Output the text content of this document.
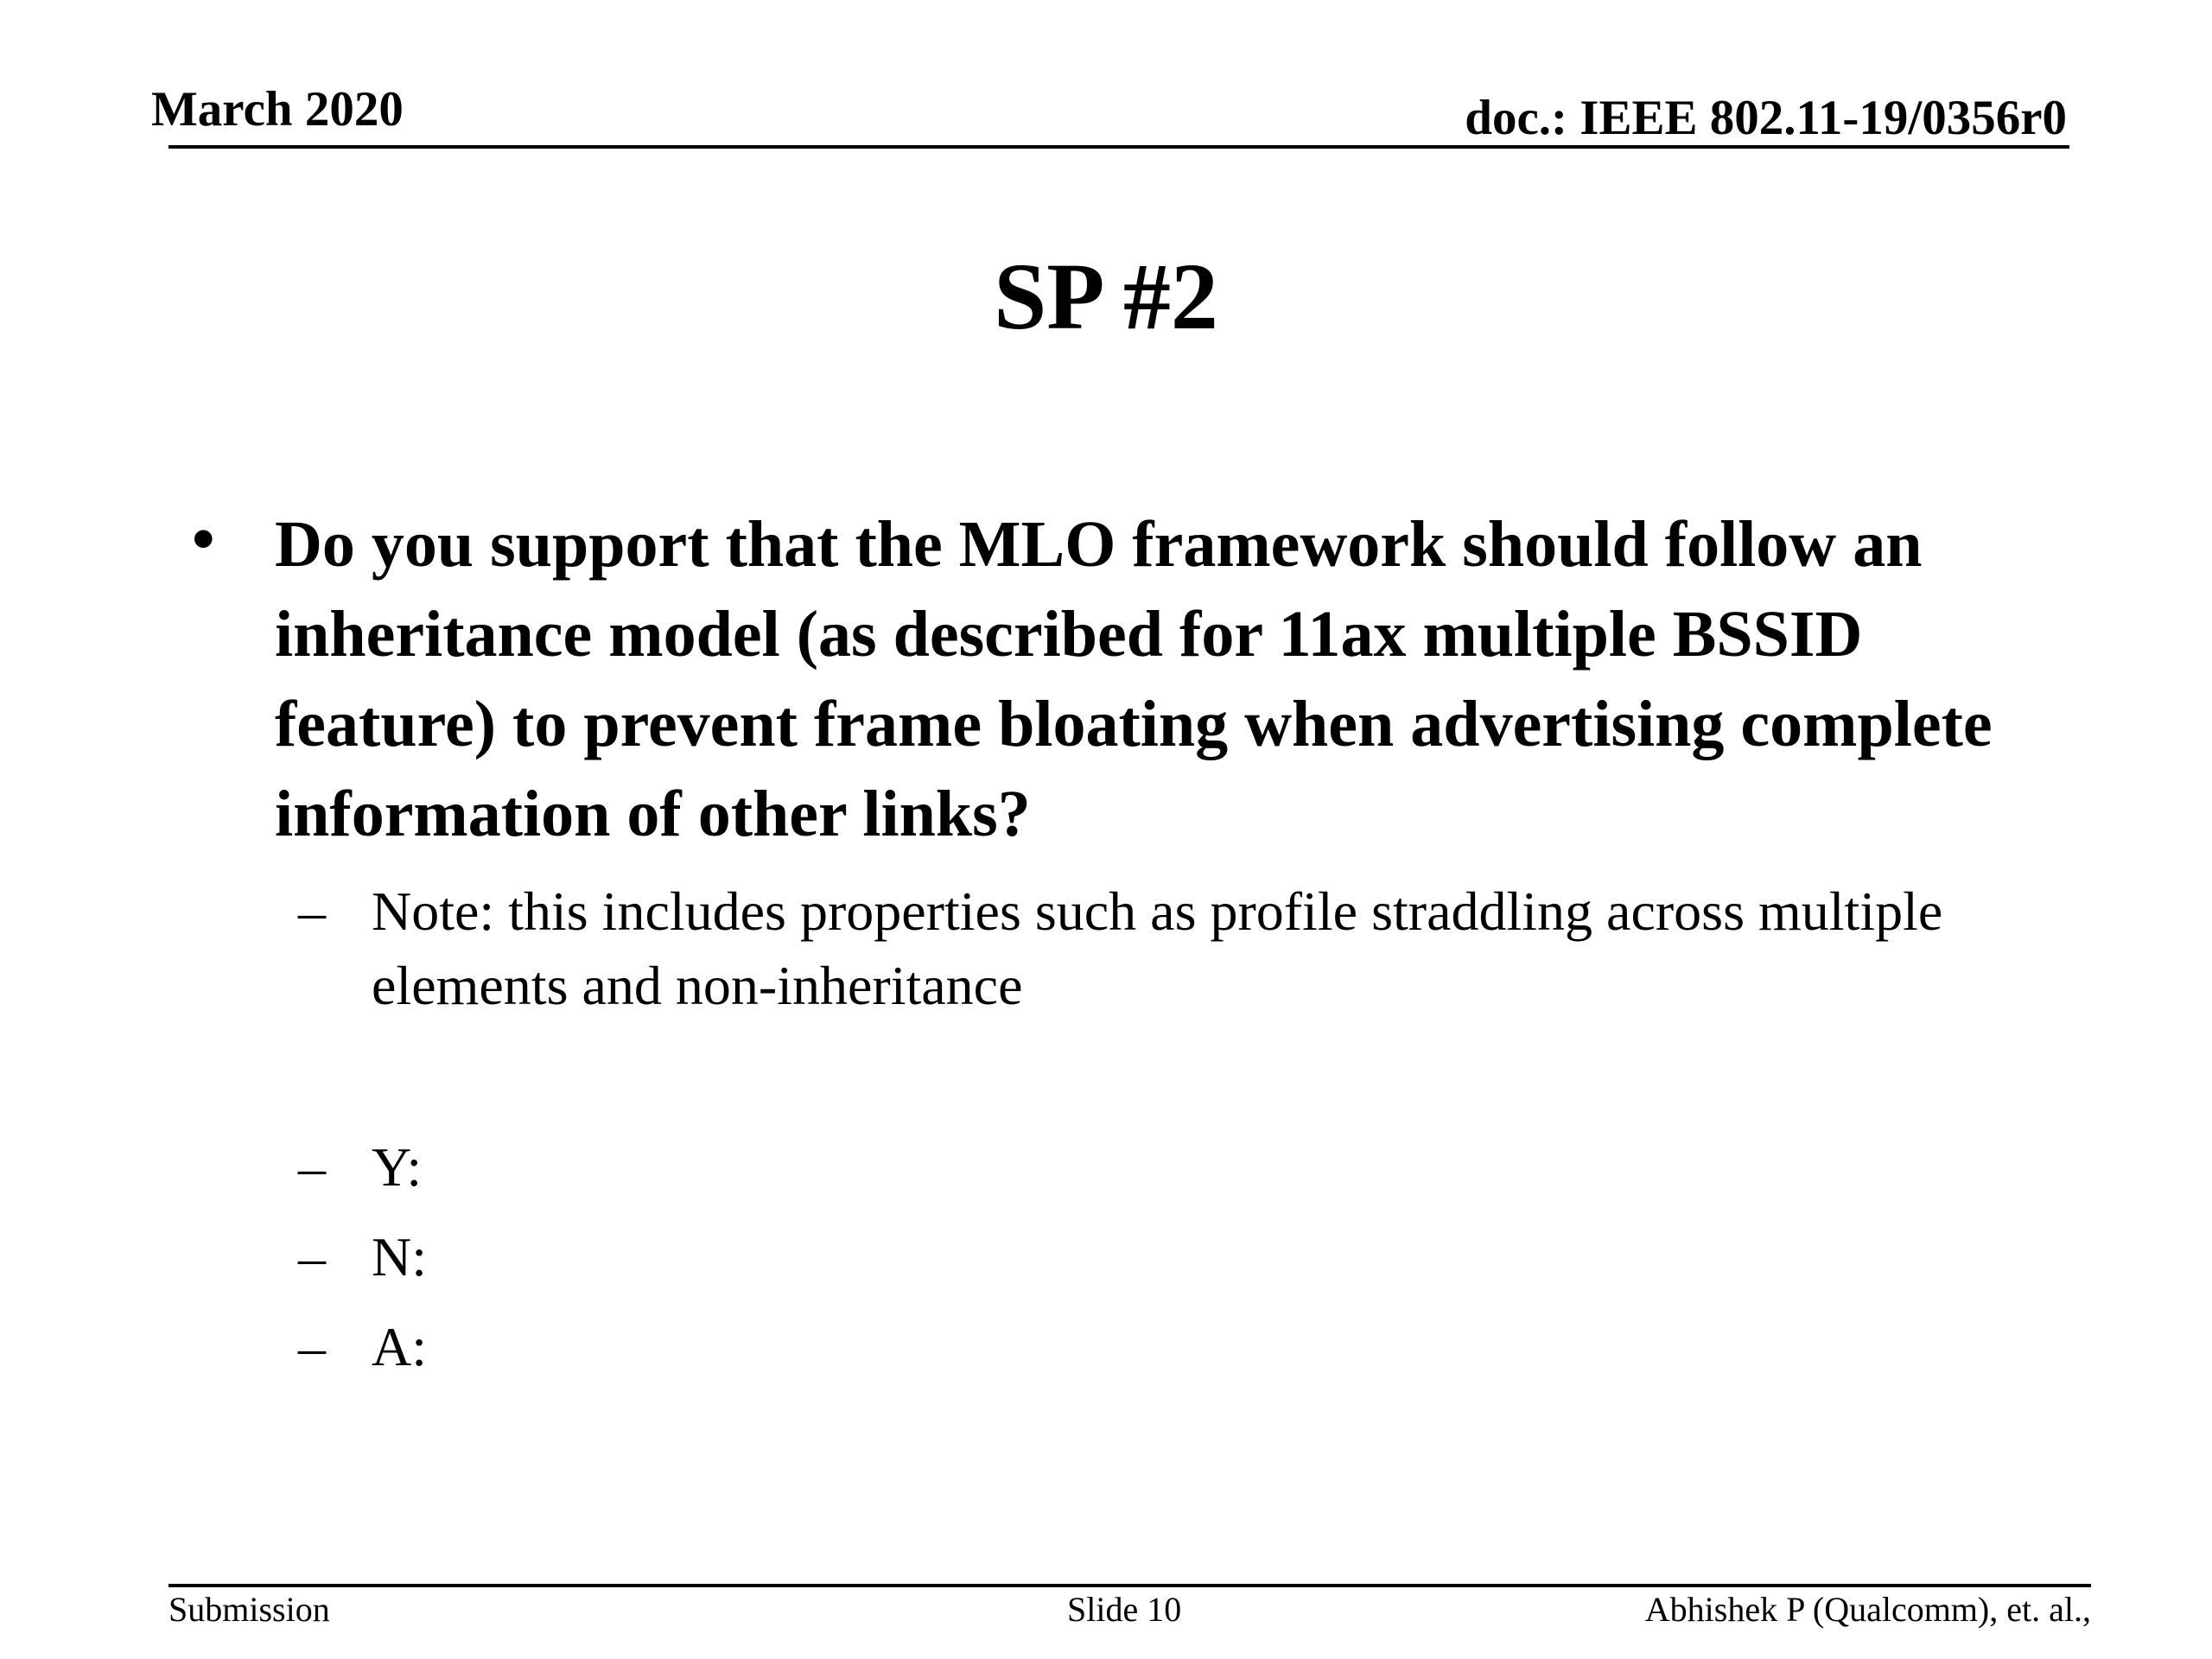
March 2020	doc.: IEEE 802.11-19/0356r0
SP #2
• Do you support that the MLO framework should follow an inheritance model (as described for 11ax multiple BSSID feature) to prevent frame bloating when advertising complete information of other links?
– Note: this includes properties such as profile straddling across multiple elements and non-inheritance
– Y:
– N:
– A:
Submission	Slide 10	Abhishek P (Qualcomm), et. al.,
